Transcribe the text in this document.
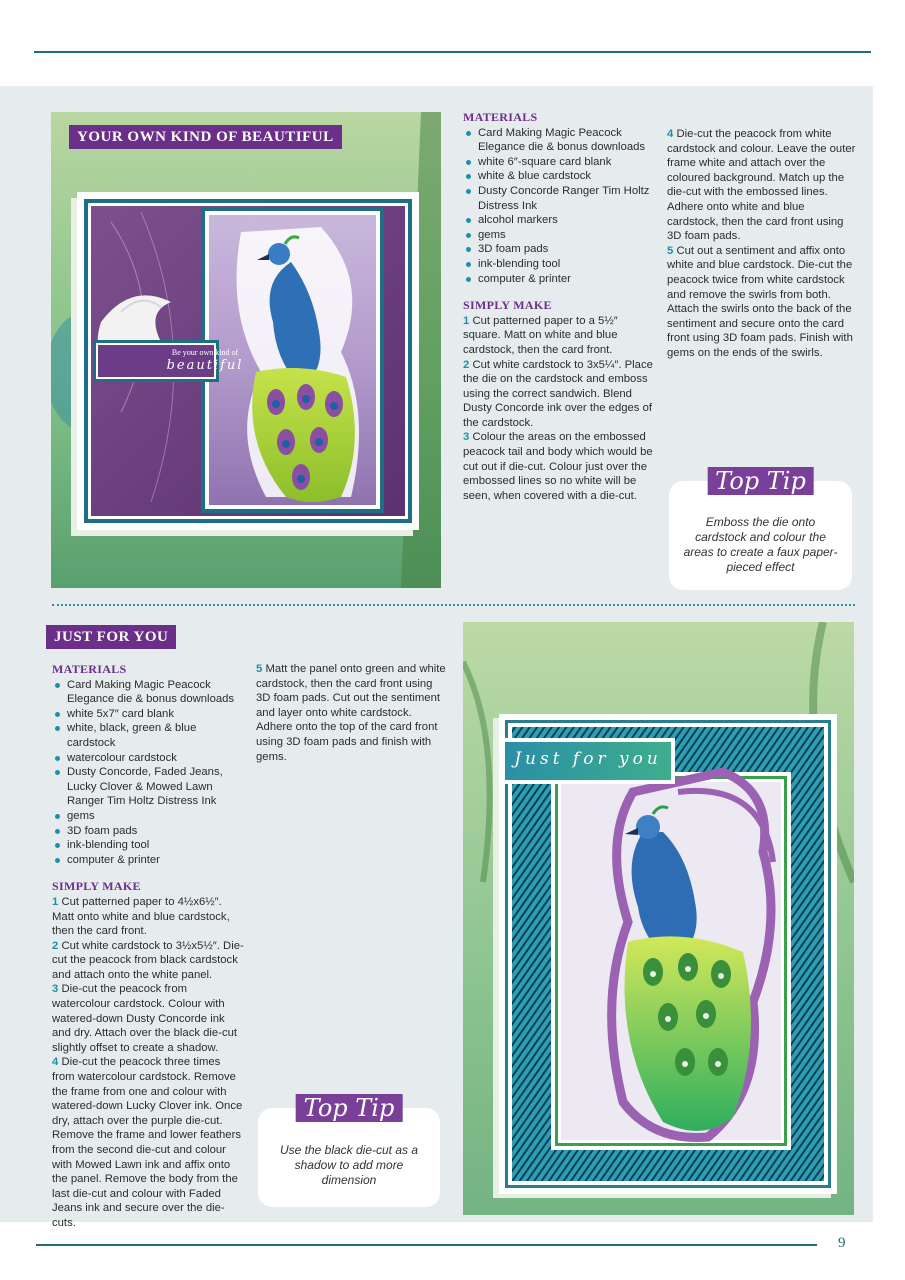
Be your own kind of
beautiful
YOUR OWN KIND OF BEAUTIFUL
MATERIALS
Card Making Magic Peacock Elegance die & bonus downloads
white 6″-square card blank
white & blue cardstock
Dusty Concorde Ranger Tim Holtz Distress Ink
alcohol markers
gems
3D foam pads
ink-blending tool
computer & printer
SIMPLY MAKE

1 Cut patterned paper to a 5½″ square. Matt on white and blue cardstock, then the card front.

2 Cut white cardstock to 3x5¼″. Place the die on the cardstock and emboss using the correct sandwich. Blend Dusty Concorde ink over the edges of the cardstock.

3 Colour the areas on the embossed peacock tail and body which would be cut out if die-cut. Colour just over the embossed lines so no white will be seen, when covered with a die-cut.

4 Die-cut the peacock from white cardstock and colour. Leave the outer frame white and attach over the coloured background. Match up the die-cut with the embossed lines. Adhere onto white and blue cardstock, then the card front using 3D foam pads.

5 Cut out a sentiment and affix onto white and blue cardstock. Die-cut the peacock twice from white cardstock and remove the swirls from both. Attach the swirls onto the back of the sentiment and secure onto the card front using 3D foam pads. Finish with gems on the ends of the swirls.

Top Tip
Emboss the die onto cardstock and colour the areas to create a faux paper-pieced effect
JUST FOR YOU
MATERIALS
Card Making Magic Peacock Elegance die & bonus downloads
white 5x7″ card blank
white, black, green & blue cardstock
watercolour cardstock
Dusty Concorde, Faded Jeans, Lucky Clover & Mowed Lawn Ranger Tim Holtz Distress Ink
gems
3D foam pads
ink-blending tool
computer & printer
SIMPLY MAKE

1 Cut patterned paper to 4½x6½″. Matt onto white and blue cardstock, then the card front.

2 Cut white cardstock to 3½x5½″. Die-cut the peacock from black cardstock and attach onto the white panel.

3 Die-cut the peacock from watercolour cardstock. Colour with watered-down Dusty Concorde ink and dry. Attach over the black die-cut slightly offset to create a shadow.

4 Die-cut the peacock three times from watercolour cardstock. Remove the frame from one and colour with watered-down Lucky Clover ink. Once dry, attach over the purple die-cut. Remove the frame and lower feathers from the second die-cut and colour with Mowed Lawn ink and affix onto the panel. Remove the body from the last die-cut and colour with Faded Jeans ink and secure over the die-cuts.

5 Matt the panel onto green and white cardstock, then the card front using 3D foam pads. Cut out the sentiment and layer onto white cardstock. Adhere onto the top of the card front using 3D foam pads and finish with gems.

Top Tip
Use the black die-cut as a shadow to add more dimension
Just for you
9
